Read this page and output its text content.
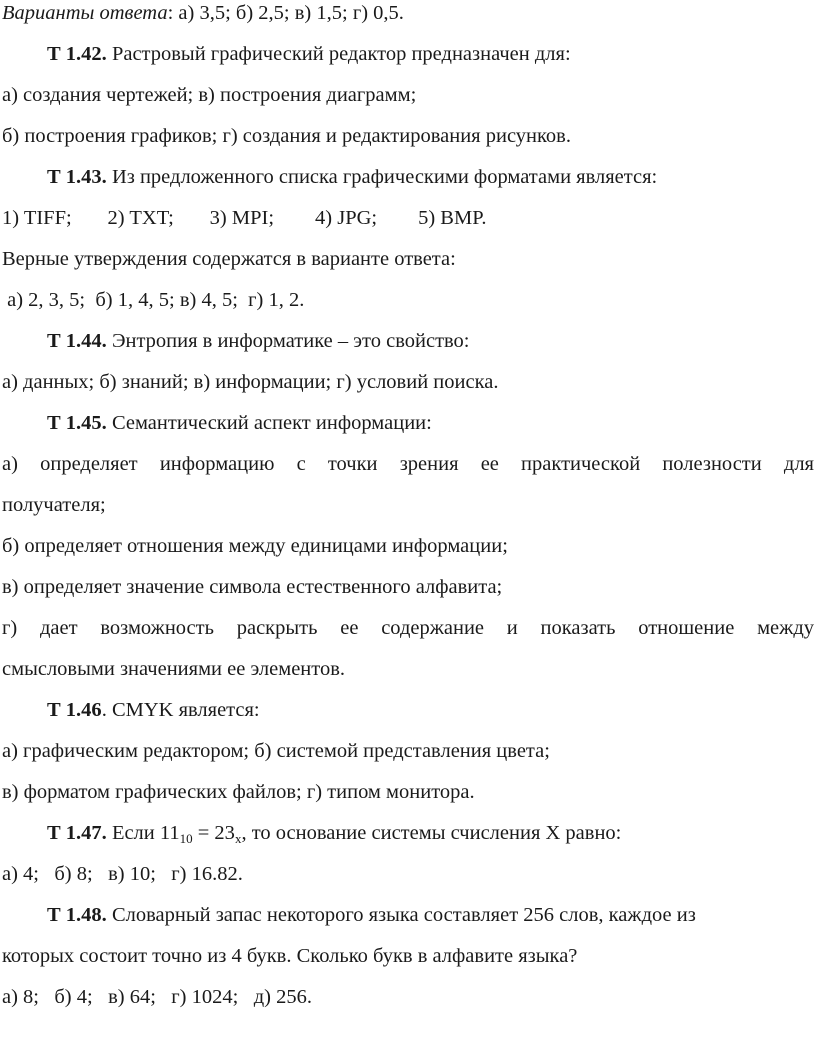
Варианты ответа: а) 3,5; б) 2,5; в) 1,5; г) 0,5.
Т 1.42. Растровый графический редактор предназначен для:
а) создания чертежей; в) построения диаграмм;
б) построения графиков; г) создания и редактирования рисунков.
Т 1.43. Из предложенного списка графическими форматами является:
1) TIFF;       2) TXT;       3) MPI;        4) JPG;        5) BMP.
Верные утверждения содержатся в варианте ответа:
а) 2, 3, 5;  б) 1, 4, 5; в) 4, 5;  г) 1, 2.
Т 1.44. Энтропия в информатике – это свойство:
а) данных; б) знаний; в) информации; г) условий поиска.
Т 1.45. Семантический аспект информации:
а) определяет информацию с точки зрения ее практической полезности для
получателя;
б) определяет отношения между единицами информации;
в) определяет значение символа естественного алфавита;
г) дает возможность раскрыть ее содержание и показать отношение между
смысловыми значениями ее элементов.
Т 1.46. CMYK является:
а) графическим редактором; б) системой представления цвета;
в) форматом графических файлов; г) типом монитора.
Т 1.47. Если $11_{10} = 23_x$, то основание системы счисления X равно:
а) 4;   б) 8;   в) 10;   г) 16.82.
Т 1.48. Словарный запас некоторого языка составляет 256 слов, каждое из
которых состоит точно из 4 букв. Сколько букв в алфавите языка?
а) 8;   б) 4;   в) 64;   г) 1024;   д) 256.
